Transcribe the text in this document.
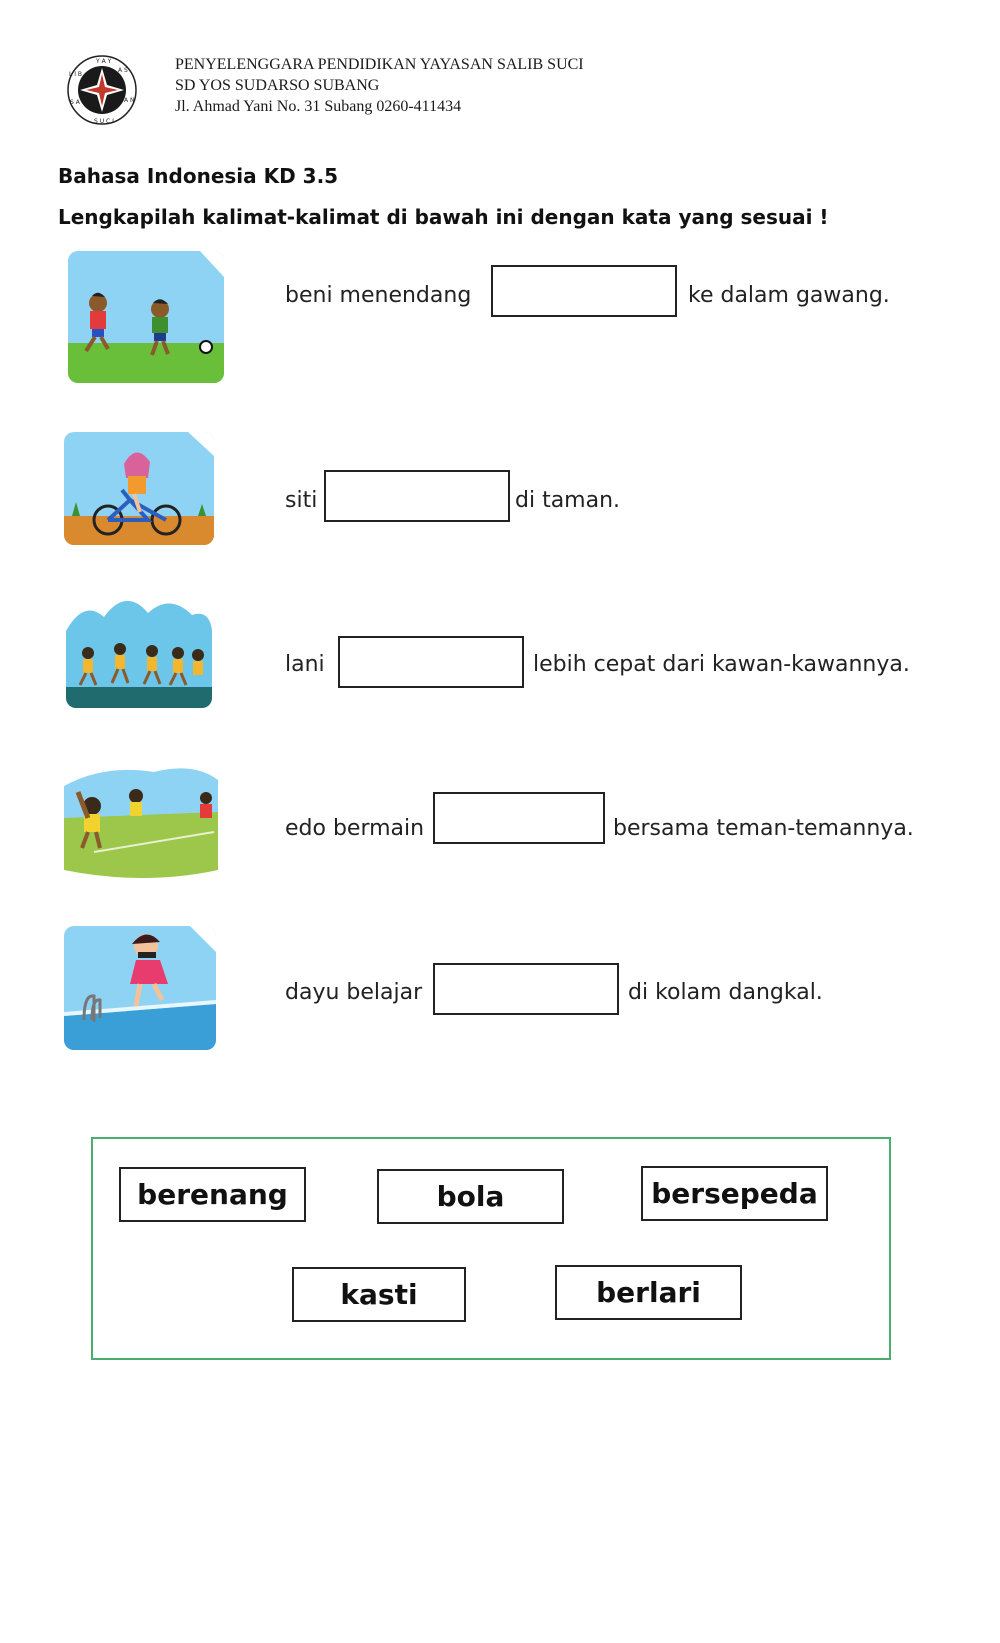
Y A Y
A S
A N
S U C I
S A
L I B
PENYELENGGARA PENDIDIKAN YAYASAN SALIB SUCI
SD YOS SUDARSO SUBANG
Jl. Ahmad Yani No. 31 Subang 0260-411434
Bahasa Indonesia KD 3.5
Lengkapilah kalimat-kalimat di bawah ini dengan kata yang sesuai !
beni menendang	ke dalam gawang.
siti	di taman.
lani	lebih cepat dari kawan-kawannya.
edo bermain	bersama teman-temannya.
dayu belajar	di kolam dangkal.
berenang	bola	bersepeda
kasti	berlari
